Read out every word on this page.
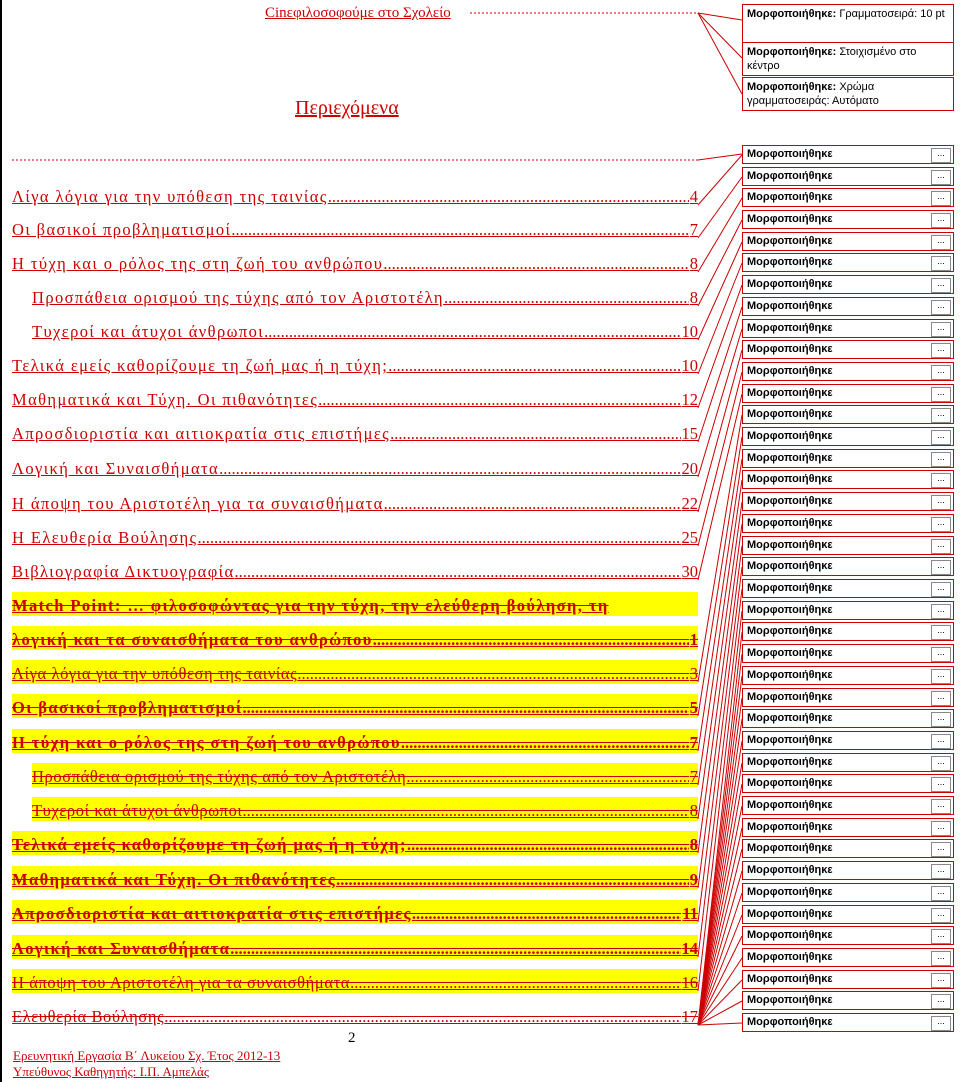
Cinεφιλοσοφούμε στο Σχολείο
Περιεχόμενα
Λίγα λόγια για την υπόθεση της ταινίας .....	4
Οι βασικοί προβληματισμοί .....	7
Η τύχη και ο ρόλος της στη ζωή του ανθρώπου .....	8
Προσπάθεια ορισμού της τύχης από τον Αριστοτέλη .....	8
Τυχεροί και άτυχοι άνθρωποι .....	10
Τελικά εμείς καθορίζουμε τη ζωή μας ή η τύχη; .....	10
Μαθηματικά και Τύχη. Οι πιθανότητες .....	12
Απροσδιοριστία και αιτιοκρατία στις επιστήμες .....	15
Λογική και Συναισθήματα .....	20
Η άποψη του Αριστοτέλη για τα συναισθήματα .....	22
Η Ελευθερία Βούλησης .....	25
Βιβλιογραφία Δικτυογραφία .....	30
Match Point: … φιλοσοφώντας για την τύχη, την ελεύθερη βούληση, τη
λογική και τα συναισθήματα του ανθρώπου .....	1
Λίγα λόγια για την υπόθεση της ταινίας .....	3
Οι βασικοί προβληματισμοί .....	5
Η τύχη και ο ρόλος της στη ζωή του ανθρώπου .....	7
Προσπάθεια ορισμού της τύχης από τον Αριστοτέλη .....	7
Τυχεροί και άτυχοι άνθρωποι .....	8
Τελικά εμείς καθορίζουμε τη ζωή μας ή η τύχη; .....	8
Μαθηματικά και Τύχη. Οι πιθανότητες .....	9
Απροσδιοριστία και αιτιοκρατία στις επιστήμες .....	11
Λογική και Συναισθήματα .....	14
Η άποψη του Αριστοτέλη για τα συναισθήματα .....	16
Ελευθερία Βούλησης .....	17
2
Ερευνητική Εργασία Β΄ Λυκείου Σχ. Έτος 2012-13
Υπεύθυνος Καθηγητής: Ι.Π. Αμπελάς
Μορφοποιήθηκε: Γραμματοσειρά: 10 pt
Μορφοποιήθηκε: Στοιχισμένο στο κέντρο
Μορφοποιήθηκε: Χρώμα γραμματοσειράς: Αυτόματο
Μορφοποιήθηκε	...
Μορφοποιήθηκε	...
Μορφοποιήθηκε	...
Μορφοποιήθηκε	...
Μορφοποιήθηκε	...
Μορφοποιήθηκε	...
Μορφοποιήθηκε	...
Μορφοποιήθηκε	...
Μορφοποιήθηκε	...
Μορφοποιήθηκε	...
Μορφοποιήθηκε	...
Μορφοποιήθηκε	...
Μορφοποιήθηκε	...
Μορφοποιήθηκε	...
Μορφοποιήθηκε	...
Μορφοποιήθηκε	...
Μορφοποιήθηκε	...
Μορφοποιήθηκε	...
Μορφοποιήθηκε	...
Μορφοποιήθηκε	...
Μορφοποιήθηκε	...
Μορφοποιήθηκε	...
Μορφοποιήθηκε	...
Μορφοποιήθηκε	...
Μορφοποιήθηκε	...
Μορφοποιήθηκε	...
Μορφοποιήθηκε	...
Μορφοποιήθηκε	...
Μορφοποιήθηκε	...
Μορφοποιήθηκε	...
Μορφοποιήθηκε	...
Μορφοποιήθηκε	...
Μορφοποιήθηκε	...
Μορφοποιήθηκε	...
Μορφοποιήθηκε	...
Μορφοποιήθηκε	...
Μορφοποιήθηκε	...
Μορφοποιήθηκε	...
Μορφοποιήθηκε	...
Μορφοποιήθηκε	...
Μορφοποιήθηκε	...
